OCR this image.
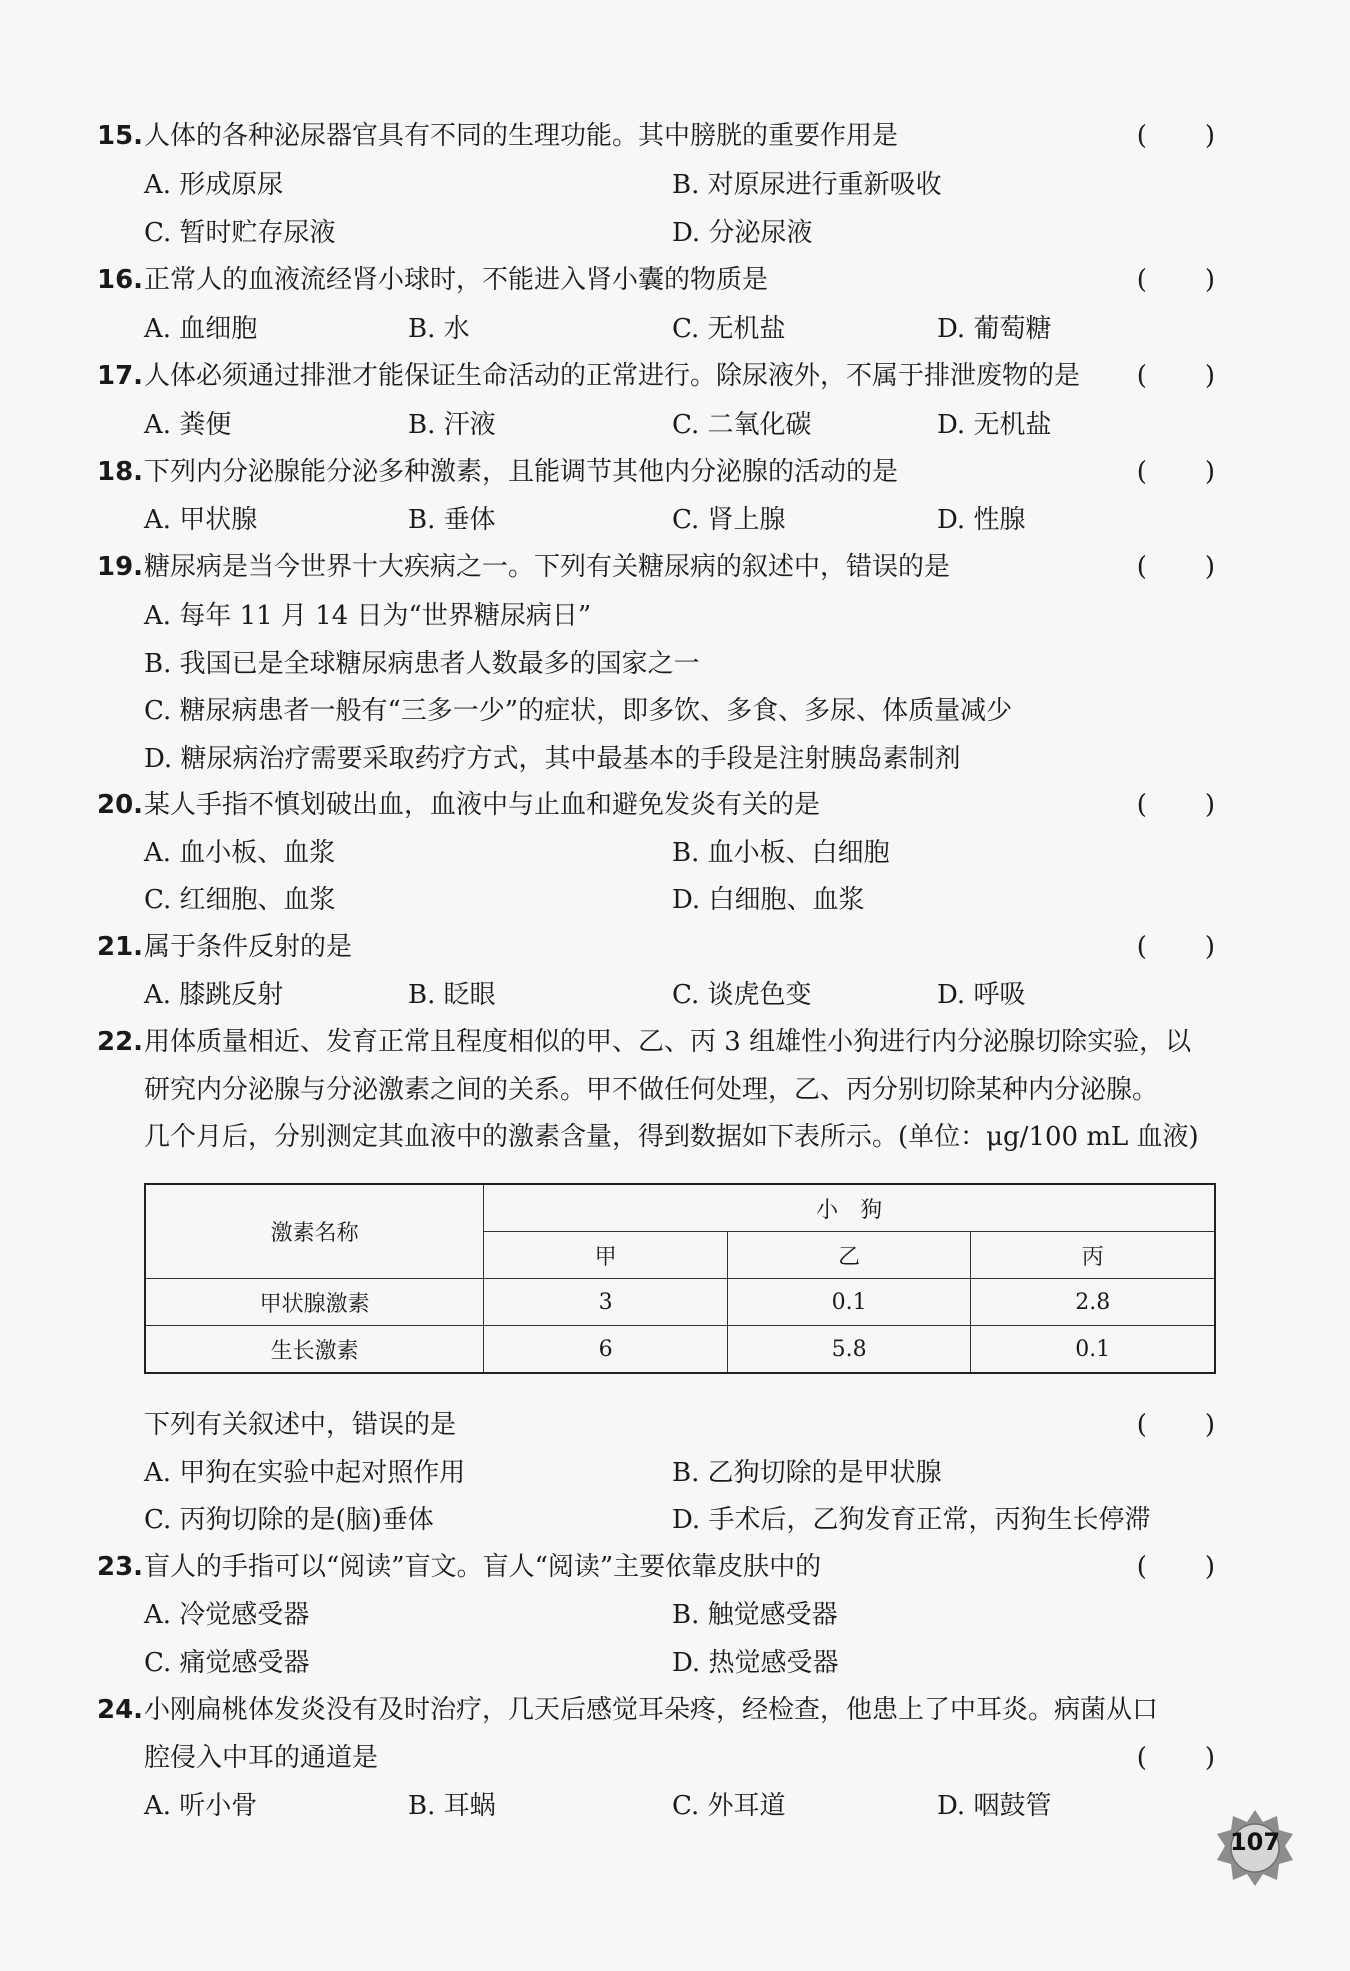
15.人体的各种泌尿器官具有不同的生理功能。其中膀胱的重要作用是	(　　)
A. 形成原尿	B. 对原尿进行重新吸收
C. 暂时贮存尿液	D. 分泌尿液
16.正常人的血液流经肾小球时，不能进入肾小囊的物质是	(　　)
A. 血细胞	B. 水	C. 无机盐	D. 葡萄糖
17.人体必须通过排泄才能保证生命活动的正常进行。除尿液外，不属于排泄废物的是 (　　)
A. 粪便	B. 汗液	C. 二氧化碳	D. 无机盐
18.下列内分泌腺能分泌多种激素，且能调节其他内分泌腺的活动的是	(　　)
A. 甲状腺	B. 垂体	C. 肾上腺	D. 性腺
19.糖尿病是当今世界十大疾病之一。下列有关糖尿病的叙述中，错误的是	(　　)
A. 每年 11 月 14 日为“世界糖尿病日”
B. 我国已是全球糖尿病患者人数最多的国家之一
C. 糖尿病患者一般有“三多一少”的症状，即多饮、多食、多尿、体质量减少
D. 糖尿病治疗需要采取药疗方式，其中最基本的手段是注射胰岛素制剂
20.某人手指不慎划破出血，血液中与止血和避免发炎有关的是	(　　)
A. 血小板、血浆	B. 血小板、白细胞
C. 红细胞、血浆	D. 白细胞、血浆
21.属于条件反射的是	(　　)
A. 膝跳反射	B. 眨眼	C. 谈虎色变	D. 呼吸
22.用体质量相近、发育正常且程度相似的甲、乙、丙 3 组雄性小狗进行内分泌腺切除实验，以
研究内分泌腺与分泌激素之间的关系。甲不做任何处理，乙、丙分别切除某种内分泌腺。
几个月后，分别测定其血液中的激素含量，得到数据如下表所示。(单位：μg/100 mL 血液)
激素名称	小　狗		
	甲	乙	丙
甲状腺激素	3	0.1	2.8
生长激素	6	5.8	0.1
下列有关叙述中，错误的是	(　　)
A. 甲狗在实验中起对照作用	B. 乙狗切除的是甲状腺
C. 丙狗切除的是(脑)垂体	D. 手术后，乙狗发育正常，丙狗生长停滞
23.盲人的手指可以“阅读”盲文。盲人“阅读”主要依靠皮肤中的	(　　)
A. 冷觉感受器	B. 触觉感受器
C. 痛觉感受器	D. 热觉感受器
24.小刚扁桃体发炎没有及时治疗，几天后感觉耳朵疼，经检查，他患上了中耳炎。病菌从口
腔侵入中耳的通道是	(　　)
A. 听小骨	B. 耳蜗	C. 外耳道	D. 咽鼓管
107
